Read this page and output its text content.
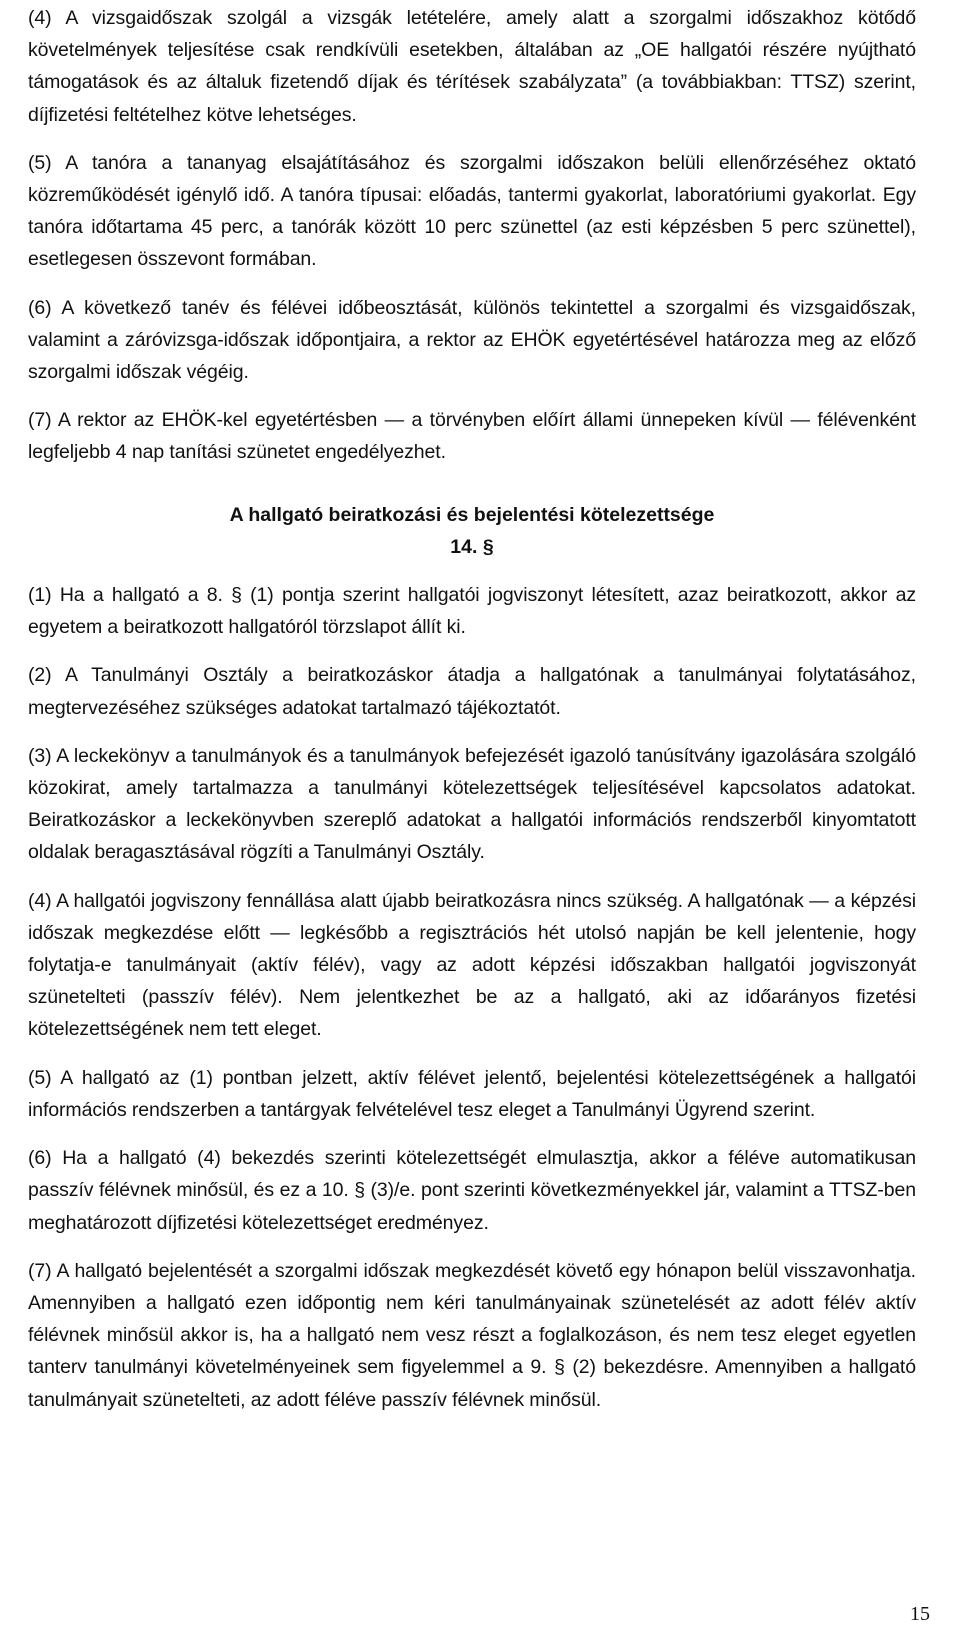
(4) A vizsgaidőszak szolgál a vizsgák letételére, amely alatt a szorgalmi időszakhoz kötődő követelmények teljesítése csak rendkívüli esetekben, általában az „OE hallgatói részére nyújtható támogatások és az általuk fizetendő díjak és térítések szabályzata” (a továbbiakban: TTSZ) szerint, díjfizetési feltételhez kötve lehetséges.

(5) A tanóra a tananyag elsajátításához és szorgalmi időszakon belüli ellenőrzéséhez oktató közreműködését igénylő idő. A tanóra típusai: előadás, tantermi gyakorlat, laboratóriumi gyakorlat. Egy tanóra időtartama 45 perc, a tanórák között 10 perc szünettel (az esti képzésben 5 perc szünettel), esetlegesen összevont formában.

(6) A következő tanév és félévei időbeosztását, különös tekintettel a szorgalmi és vizsgaidőszak, valamint a záróvizsga-időszak időpontjaira, a rektor az EHÖK egyetértésével határozza meg az előző szorgalmi időszak végéig.

(7) A rektor az EHÖK-kel egyetértésben — a törvényben előírt állami ünnepeken kívül — félévenként legfeljebb 4 nap tanítási szünetet engedélyezhet.

A hallgató beiratkozási és bejelentési kötelezettsége

14. §

(1) Ha a hallgató a 8. § (1) pontja szerint hallgatói jogviszonyt létesített, azaz beiratkozott, akkor az egyetem a beiratkozott hallgatóról törzslapot állít ki.

(2) A Tanulmányi Osztály a beiratkozáskor átadja a hallgatónak a tanulmányai folytatásához, megtervezéséhez szükséges adatokat tartalmazó tájékoztatót.

(3) A leckekönyv a tanulmányok és a tanulmányok befejezését igazoló tanúsítvány igazolására szolgáló közokirat, amely tartalmazza a tanulmányi kötelezettségek teljesítésével kapcsolatos adatokat. Beiratkozáskor a leckekönyvben szereplő adatokat a hallgatói információs rendszerből kinyomtatott oldalak beragasztásával rögzíti a Tanulmányi Osztály.

(4) A hallgatói jogviszony fennállása alatt újabb beiratkozásra nincs szükség. A hallgatónak — a képzési időszak megkezdése előtt — legkésőbb a regisztrációs hét utolsó napján be kell jelentenie, hogy folytatja-e tanulmányait (aktív félév), vagy az adott képzési időszakban hallgatói jogviszonyát szünetelteti (passzív félév). Nem jelentkezhet be az a hallgató, aki az időarányos fizetési kötelezettségének nem tett eleget.

(5) A hallgató az (1) pontban jelzett, aktív félévet jelentő, bejelentési kötelezettségének a hallgatói információs rendszerben a tantárgyak felvételével tesz eleget a Tanulmányi Ügyrend szerint.

(6) Ha a hallgató (4) bekezdés szerinti kötelezettségét elmulasztja, akkor a féléve automatikusan passzív félévnek minősül, és ez a 10. § (3)/e. pont szerinti következményekkel jár, valamint a TTSZ-ben meghatározott díjfizetési kötelezettséget eredményez.

(7) A hallgató bejelentését a szorgalmi időszak megkezdését követő egy hónapon belül visszavonhatja. Amennyiben a hallgató ezen időpontig nem kéri tanulmányainak szünetelését az adott félév aktív félévnek minősül akkor is, ha a hallgató nem vesz részt a foglalkozáson, és nem tesz eleget egyetlen tanterv tanulmányi követelményeinek sem figyelemmel a 9. § (2) bekezdésre. Amennyiben a hallgató tanulmányait szünetelteti, az adott féléve passzív félévnek minősül.

15
